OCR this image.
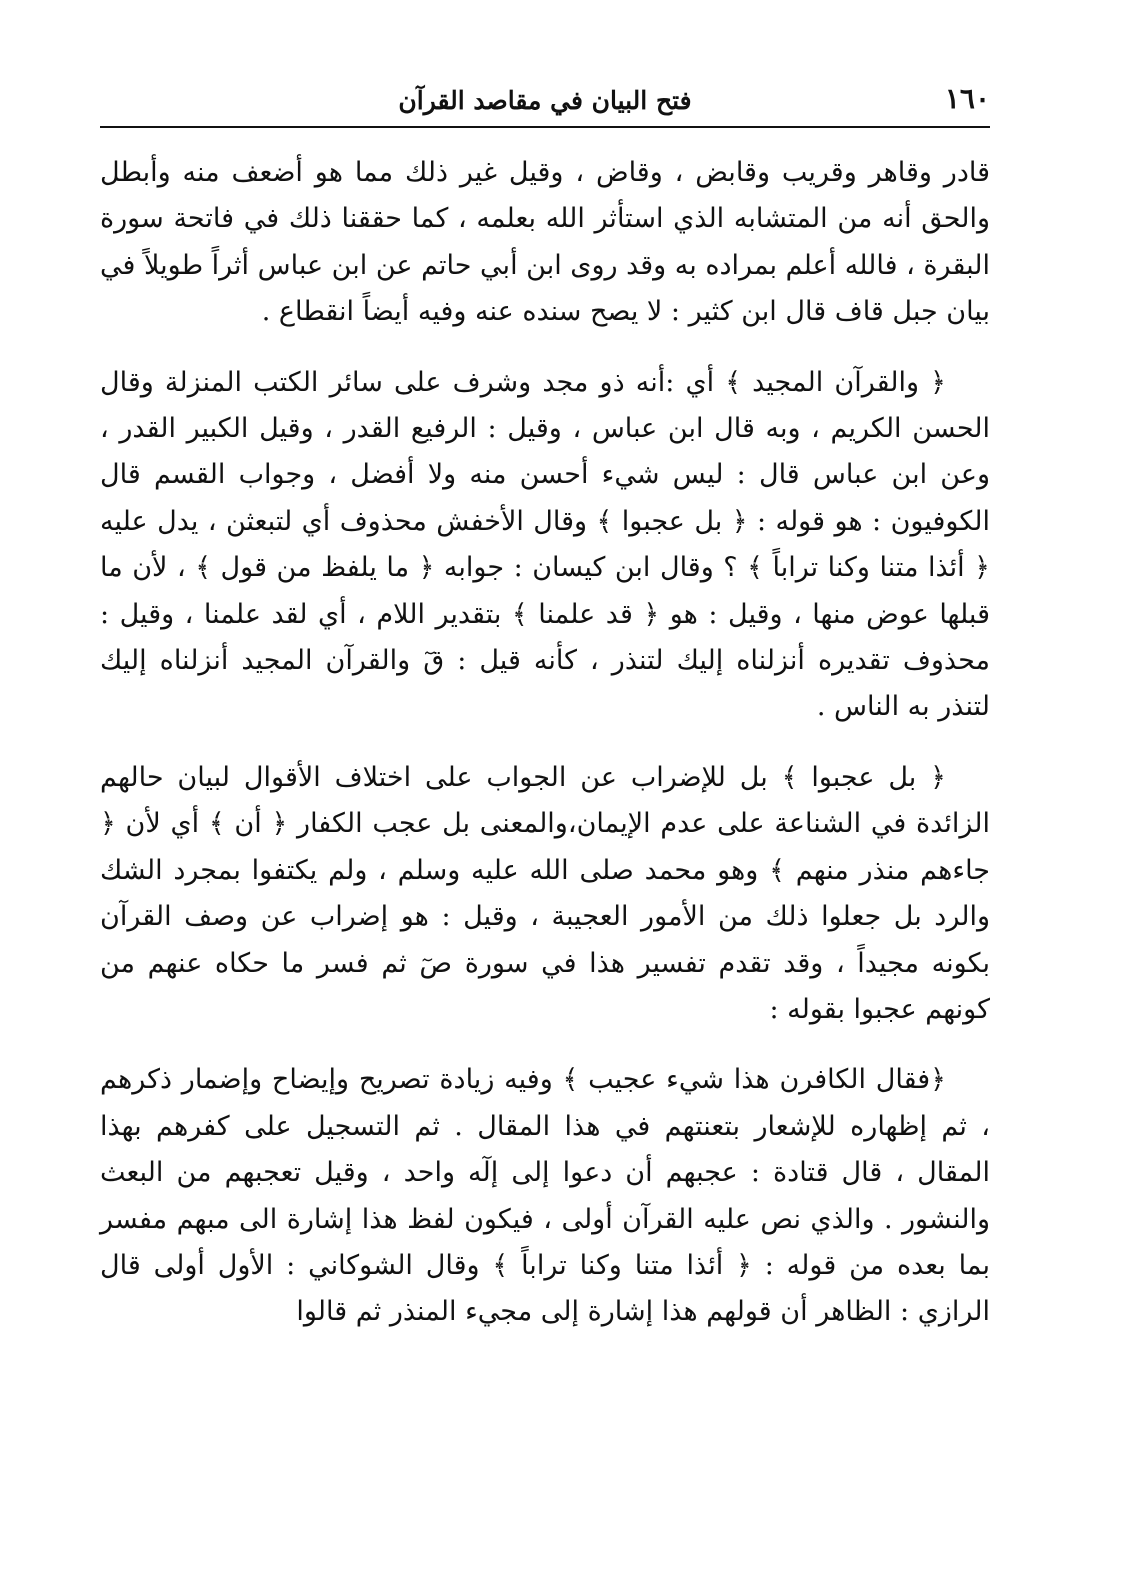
١٦٠
فتح البيان في مقاصد القرآن

قادر وقاهر وقريب وقابض ، وقاض ، وقيل غير ذلك مما هو أضعف منه وأبطل والحق أنه من المتشابه الذي استأثر الله بعلمه ، كما حققنا ذلك في فاتحة سورة البقرة ، فالله أعلم بمراده به وقد روى ابن أبي حاتم عن ابن عباس أثراً طويلاً في بيان جبل قاف قال ابن كثير : لا يصح سنده عنه وفيه أيضاً انقطاع .

﴿ والقرآن المجيد ﴾ أي :أنه ذو مجد وشرف على سائر الكتب المنزلة وقال الحسن الكريم ، وبه قال ابن عباس ، وقيل : الرفيع القدر ، وقيل الكبير القدر ، وعن ابن عباس قال : ليس شيء أحسن منه ولا أفضل ، وجواب القسم قال الكوفيون : هو قوله : ﴿ بل عجبوا ﴾ وقال الأخفش محذوف أي لتبعثن ، يدل عليه ﴿ أئذا متنا وكنا تراباً ﴾ ؟ وقال ابن كيسان : جوابه ﴿ ما يلفظ من قول ﴾ ، لأن ما قبلها عوض منها ، وقيل : هو ﴿ قد علمنا ﴾ بتقدير اللام ، أي لقد علمنا ، وقيل : محذوف تقديره أنزلناه إليك لتنذر ، كأنه قيل : قٓ والقرآن المجيد أنزلناه إليك لتنذر به الناس .

﴿ بل عجبوا ﴾ بل للإضراب عن الجواب على اختلاف الأقوال لبيان حالهم الزائدة في الشناعة على عدم الإيمان،والمعنى بل عجب الكفار ﴿ أن ﴾ أي لأن ﴿ جاءهم منذر منهم ﴾ وهو محمد صلى الله عليه وسلم ، ولم يكتفوا بمجرد الشك والرد بل جعلوا ذلك من الأمور العجيبة ، وقيل : هو إضراب عن وصف القرآن بكونه مجيداً ، وقد تقدم تفسير هذا في سورة صٓ ثم فسر ما حكاه عنهم من كونهم عجبوا بقوله :

﴿فقال الكافرن هذا شيء عجيب ﴾ وفيه زيادة تصريح وإيضاح وإضمار ذكرهم ، ثم إظهاره للإشعار بتعنتهم في هذا المقال . ثم التسجيل على كفرهم بهذا المقال ، قال قتادة : عجبهم أن دعوا إلى إلٓه واحد ، وقيل تعجبهم من البعث والنشور . والذي نص عليه القرآن أولى ، فيكون لفظ هذا إشارة الى مبهم مفسر بما بعده من قوله : ﴿ أئذا متنا وكنا تراباً ﴾ وقال الشوكاني : الأول أولى قال الرازي : الظاهر أن قولهم هذا إشارة إلى مجيء المنذر ثم قالوا
